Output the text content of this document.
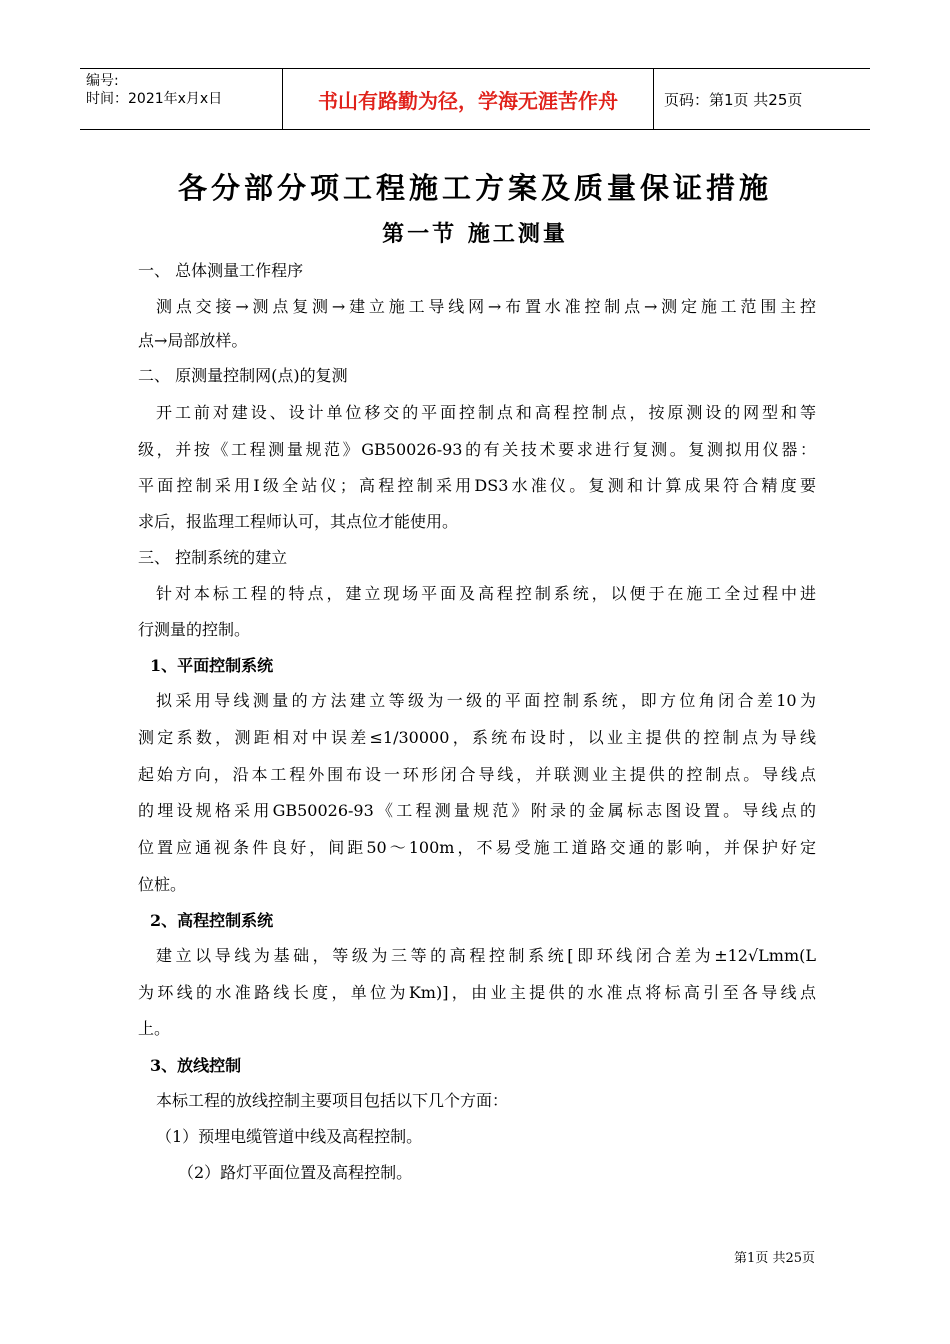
编号:
时间：2021年x月x日	书山有路勤为径，学海无涯苦作舟	页码：第1页 共25页
各分部分项工程施工方案及质量保证措施
第一节 施工测量
一、 总体测量工作程序
测点交接→测点复测→建立施工导线网→布置水准控制点→测定施工范围主控
点→局部放样。
二、 原测量控制网(点)的复测
开工前对建设、设计单位移交的平面控制点和高程控制点，按原测设的网型和等
级，并按《工程测量规范》GB50026-93的有关技术要求进行复测。复测拟用仪器：
平面控制采用Ⅰ级全站仪；高程控制采用DS3水准仪。复测和计算成果符合精度要
求后，报监理工程师认可，其点位才能使用。
三、 控制系统的建立
针对本标工程的特点，建立现场平面及高程控制系统，以便于在施工全过程中进
行测量的控制。
1、平面控制系统
拟采用导线测量的方法建立等级为一级的平面控制系统，即方位角闭合差10为
测定系数，测距相对中误差≤1/30000，系统布设时，以业主提供的控制点为导线
起始方向，沿本工程外围布设一环形闭合导线，并联测业主提供的控制点。导线点
的埋设规格采用GB50026-93《工程测量规范》附录的金属标志图设置。导线点的
位置应通视条件良好，间距50～100m，不易受施工道路交通的影响，并保护好定
位桩。
2、高程控制系统
建立以导线为基础，等级为三等的高程控制系统[即环线闭合差为±12√Lmm(L
为环线的水准路线长度，单位为Km)]，由业主提供的水准点将标高引至各导线点
上。
3、放线控制
本标工程的放线控制主要项目包括以下几个方面：
（1）预埋电缆管道中线及高程控制。
（2）路灯平面位置及高程控制。
第1页 共25页
